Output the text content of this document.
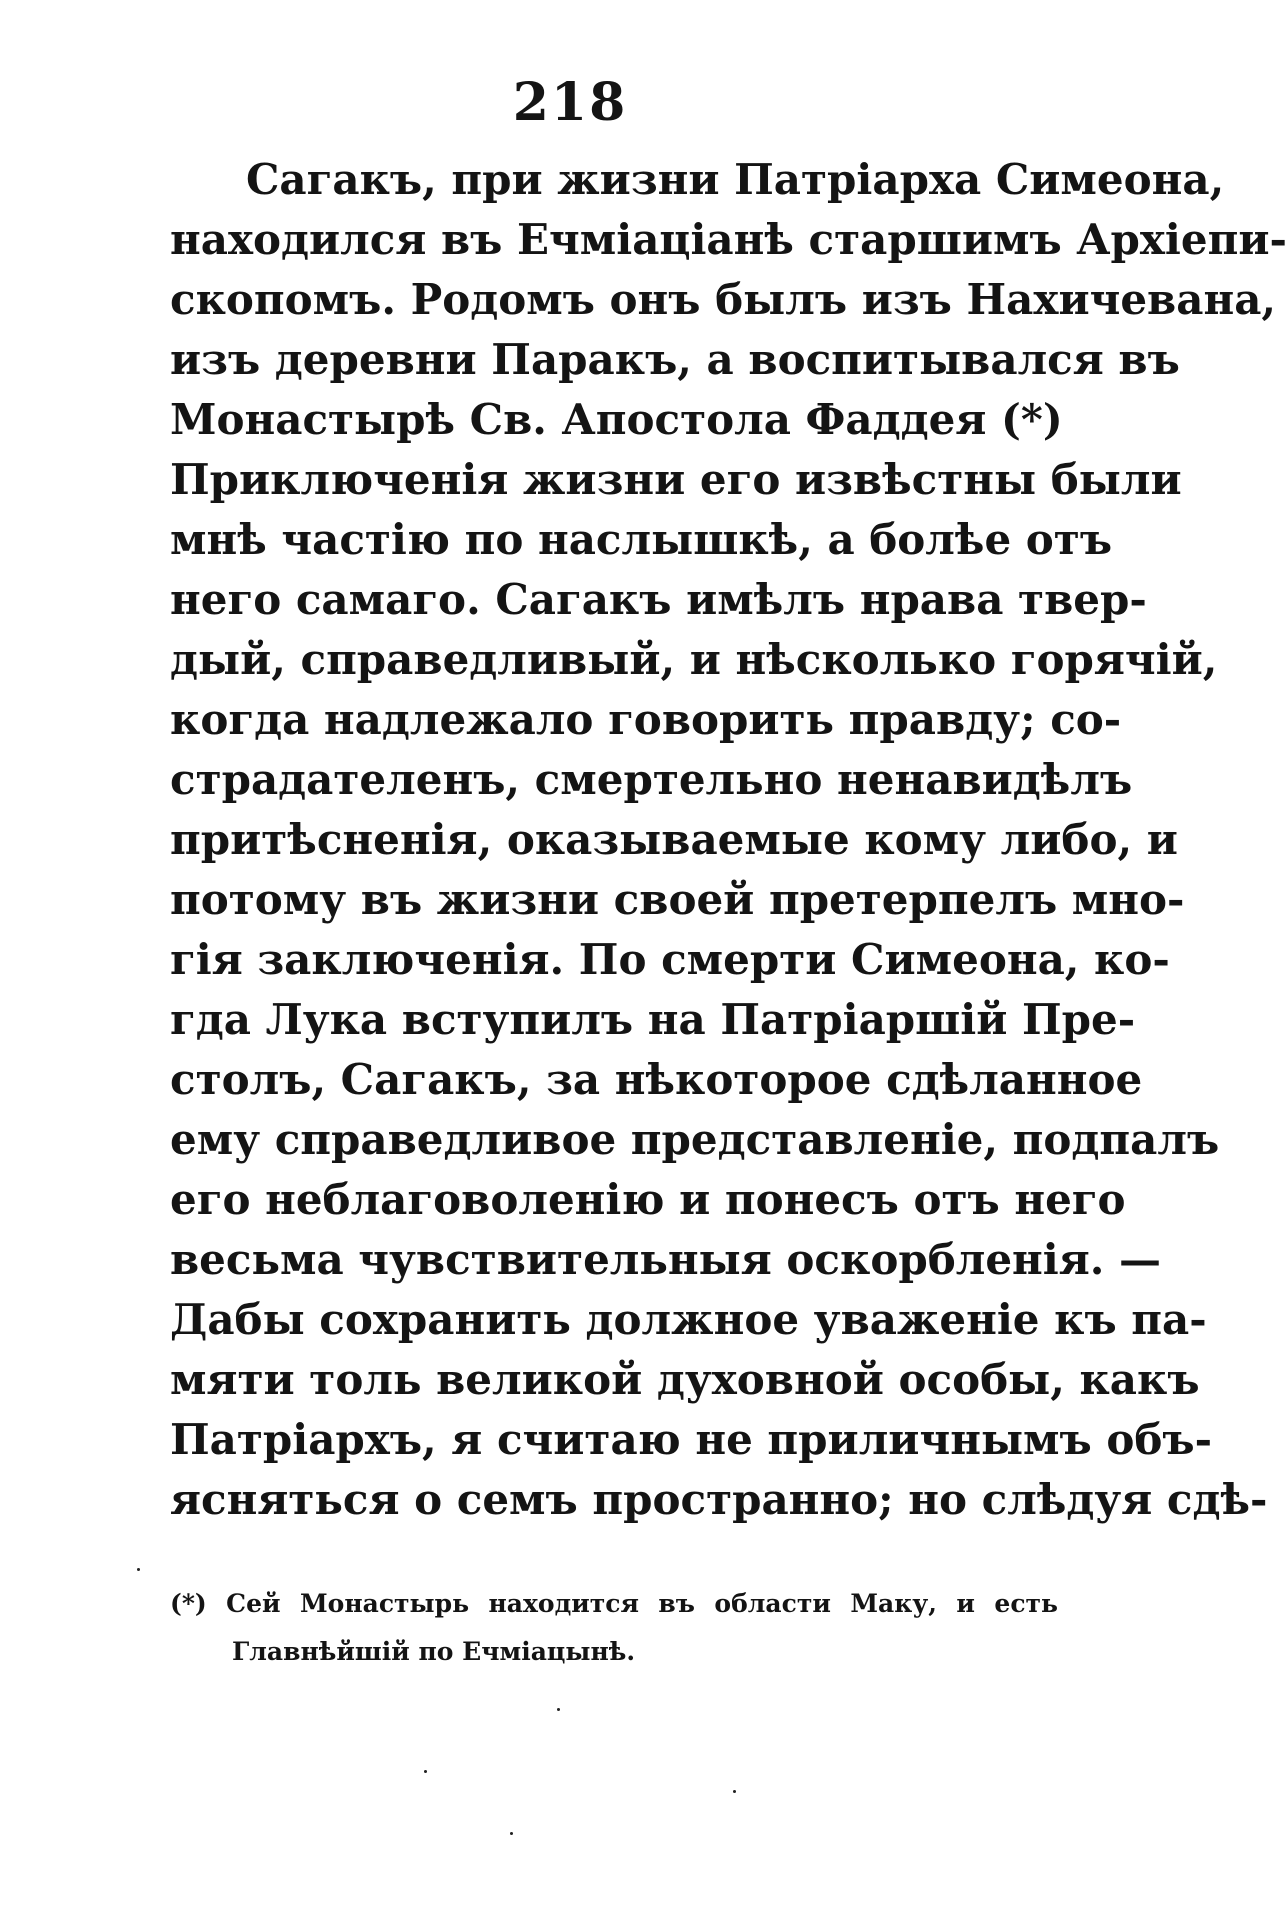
218
Сагакъ, при жизни Патріарха Симеона,
находился въ Ечміаціанѣ старшимъ Архіепи-
скопомъ. Родомъ онъ былъ изъ Нахичевана,
изъ деревни Паракъ, а воспитывался въ
Монастырѣ Св. Апостола Фаддея (*)
Приключенія жизни его извѣстны были
мнѣ частію по наслышкѣ, а болѣе отъ
него самаго. Сагакъ имѣлъ нрава твер-
дый, справедливый, и нѣсколько горячій,
когда надлежало говорить правду; со-
страдателенъ, смертельно ненавидѣлъ
притѣсненія, оказываемые кому либо, и
потому въ жизни своей претерпелъ мно-
гія заключенія. По смерти Симеона, ко-
гда Лука вступилъ на Патріаршій Пре-
столъ, Сагакъ, за нѣкоторое сдѣланное
ему справедливое представленіе, подпалъ
его неблаговоленію и понесъ отъ него
весьма чувствительныя оскорбленія. —
Дабы сохранить должное уваженіе къ па-
мяти толь великой духовной особы, какъ
Патріархъ, я считаю не приличнымъ объ-
ясняться о семъ пространно; но слѣдуя сдѣ-
(*) Сей Монастырь находится въ области Маку, и есть
Главнѣйшій по Ечміацынѣ.
